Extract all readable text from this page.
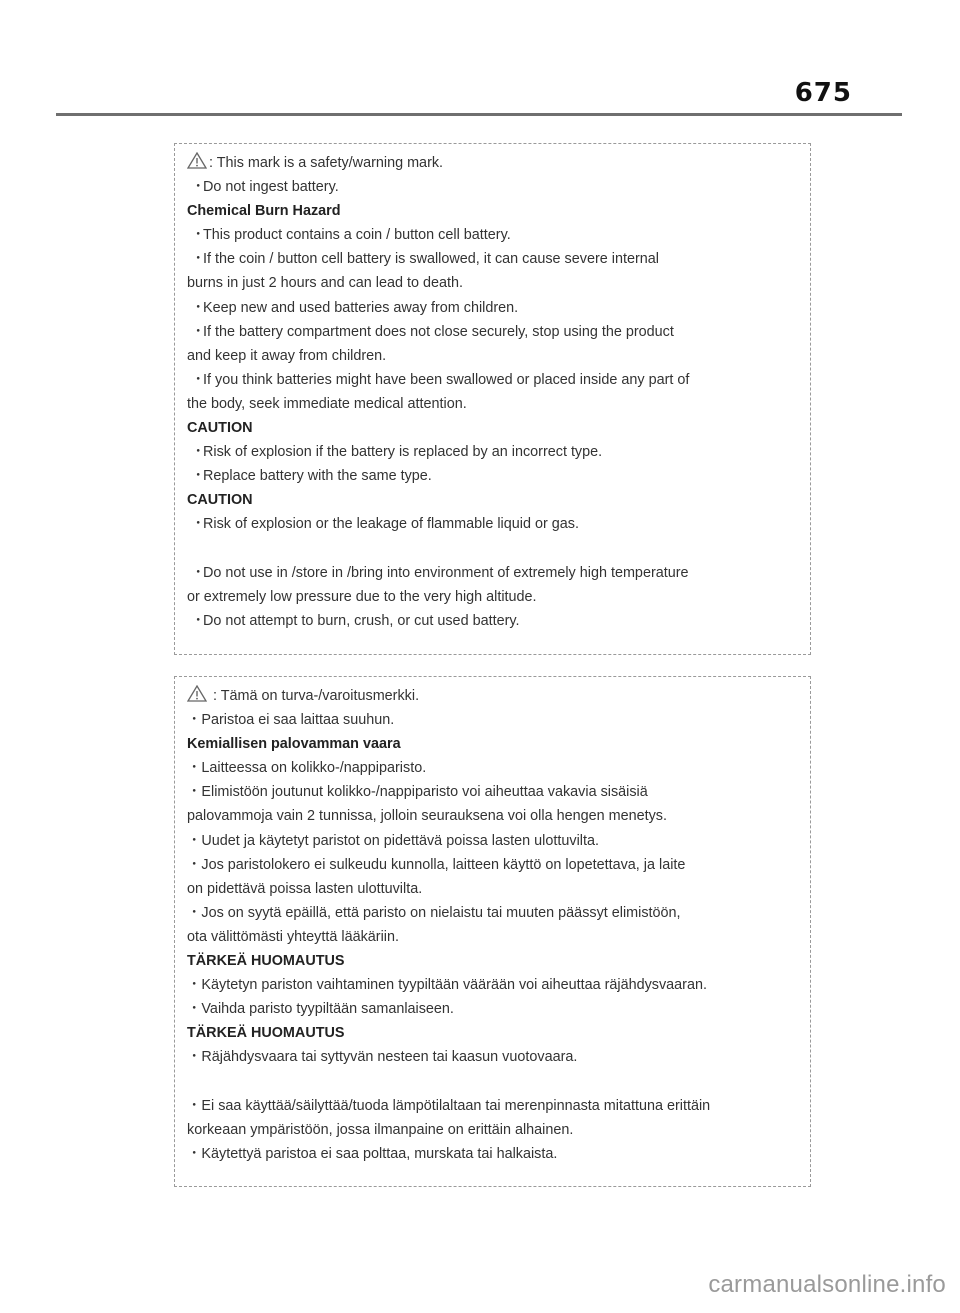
675
: This mark is a safety/warning mark.
・Do not ingest battery.
Chemical Burn Hazard
・This product contains a coin / button cell battery.
・If the coin / button cell battery is swallowed, it can cause severe internal
burns in just 2 hours and can lead to death.
・Keep new and used batteries away from children.
・If the battery compartment does not close securely, stop using the product
and keep it away from children.
・If you think batteries might have been swallowed or placed inside any part of
the body, seek immediate medical attention.
CAUTION
・Risk of explosion if the battery is replaced by an incorrect type.
・Replace battery with the same type.
CAUTION
・Risk of explosion or the leakage of flammable liquid or gas.
・Do not use in /store in /bring into environment of extremely high temperature
or extremely low pressure due to the very high altitude.
・Do not attempt to burn, crush, or cut used battery.
: Tämä on turva-/varoitusmerkki.
・Paristoa ei saa laittaa suuhun.
Kemiallisen palovamman vaara
・Laitteessa on kolikko-/nappiparisto.
・Elimistöön joutunut kolikko-/nappiparisto voi aiheuttaa vakavia sisäisiä
palovammoja vain 2 tunnissa, jolloin seurauksena voi olla hengen menetys.
・Uudet ja käytetyt paristot on pidettävä poissa lasten ulottuvilta.
・Jos paristolokero ei sulkeudu kunnolla, laitteen käyttö on lopetettava, ja laite
on pidettävä poissa lasten ulottuvilta.
・Jos on syytä epäillä, että paristo on nielaistu tai muuten päässyt elimistöön,
ota välittömästi yhteyttä lääkäriin.
TÄRKEÄ HUOMAUTUS
・Käytetyn pariston vaihtaminen tyypiltään väärään voi aiheuttaa räjähdysvaaran.
・Vaihda paristo tyypiltään samanlaiseen.
TÄRKEÄ HUOMAUTUS
・Räjähdysvaara tai syttyvän nesteen tai kaasun vuotovaara.
・Ei saa käyttää/säilyttää/tuoda lämpötilaltaan tai merenpinnasta mitattuna erittäin
korkeaan ympäristöön, jossa ilmanpaine on erittäin alhainen.
・Käytettyä paristoa ei saa polttaa, murskata tai halkaista.
carmanualsonline.info
